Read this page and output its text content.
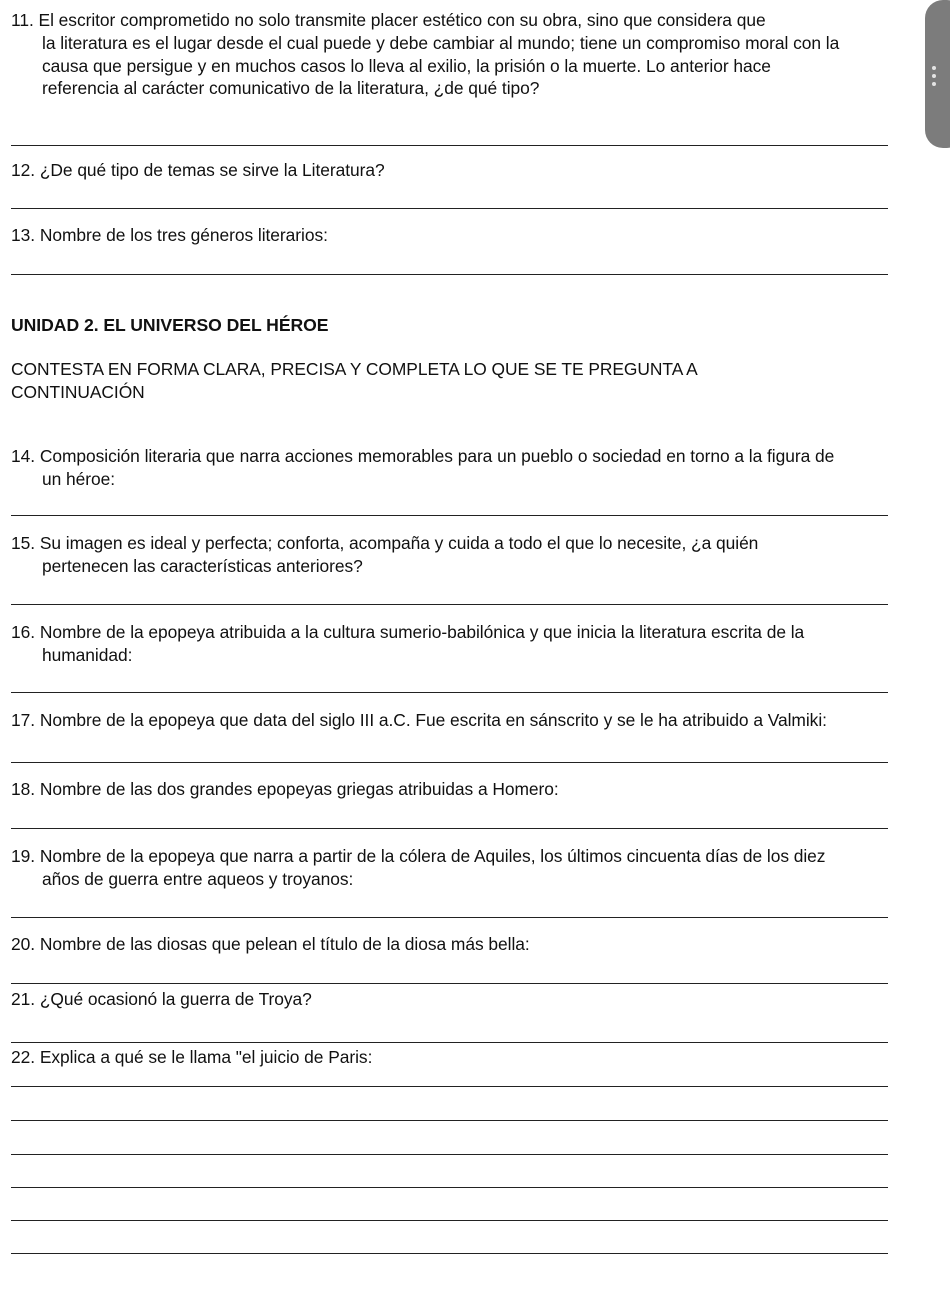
11. El escritor comprometido no solo transmite placer estético con su obra, sino que considera que
la literatura es el lugar desde el cual puede y debe cambiar al mundo; tiene un compromiso moral con la
causa que persigue y en muchos casos lo lleva al exilio, la prisión o la muerte. Lo anterior hace
referencia al carácter comunicativo de la literatura, ¿de qué tipo?
12. ¿De qué tipo de temas se sirve la Literatura?
13. Nombre de los tres géneros literarios:
UNIDAD 2. EL UNIVERSO DEL HÉROE
CONTESTA EN FORMA CLARA, PRECISA Y COMPLETA LO QUE SE TE PREGUNTA A
CONTINUACIÓN
14. Composición literaria que narra acciones memorables para un pueblo o sociedad en torno a la figura de
un héroe:
15. Su imagen es ideal y perfecta; conforta, acompaña y cuida a todo el que lo necesite, ¿a quién
pertenecen las características anteriores?
16. Nombre de la epopeya atribuida a la cultura sumerio-babilónica y que inicia la literatura escrita de la
humanidad:
17. Nombre de la epopeya que data del siglo III a.C. Fue escrita en sánscrito y se le ha atribuido a Valmiki:
18. Nombre de las dos grandes epopeyas griegas atribuidas a Homero:
19. Nombre de la epopeya que narra a partir de la cólera de Aquiles, los últimos cincuenta días de los diez
años de guerra entre aqueos y troyanos:
20. Nombre de las diosas que pelean el título de la diosa más bella:
21. ¿Qué ocasionó la guerra de Troya?
22. Explica a qué se le llama "el juicio de Paris:
